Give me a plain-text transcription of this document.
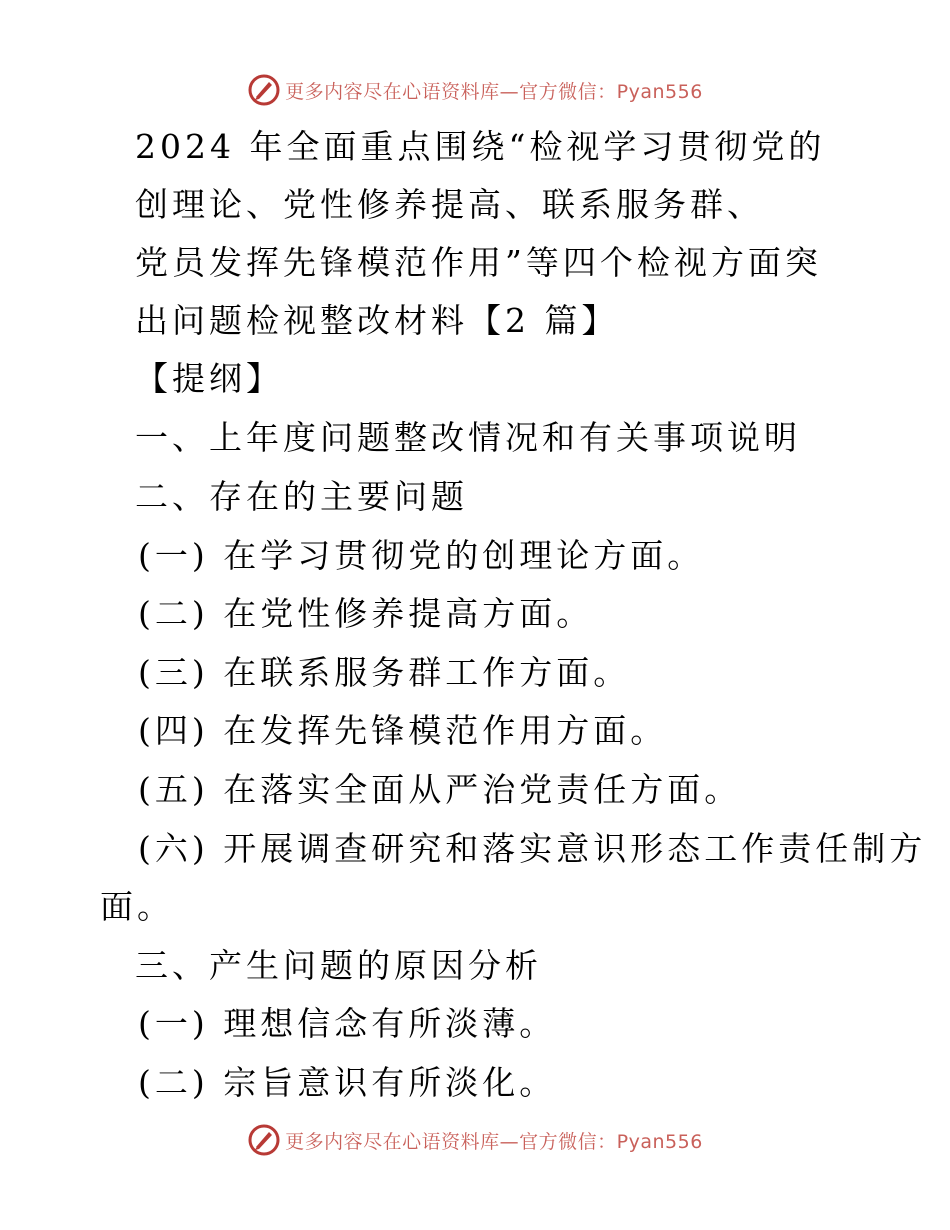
更多内容尽在心语资料库—官方微信：Pyan556
2024 年全面重点围绕“检视学习贯彻党的
创理论、党性修养提高、联系服务群、
党员发挥先锋模范作用”等四个检视方面突
出问题检视整改材料【2 篇】
【提纲】
一、上年度问题整改情况和有关事项说明
二、存在的主要问题
(一) 在学习贯彻党的创理论方面。
(二) 在党性修养提高方面。
(三) 在联系服务群工作方面。
(四) 在发挥先锋模范作用方面。
(五) 在落实全面从严治党责任方面。
(六) 开展调查研究和落实意识形态工作责任制方
面。
三、产生问题的原因分析
(一) 理想信念有所淡薄。
(二) 宗旨意识有所淡化。
更多内容尽在心语资料库—官方微信：Pyan556
